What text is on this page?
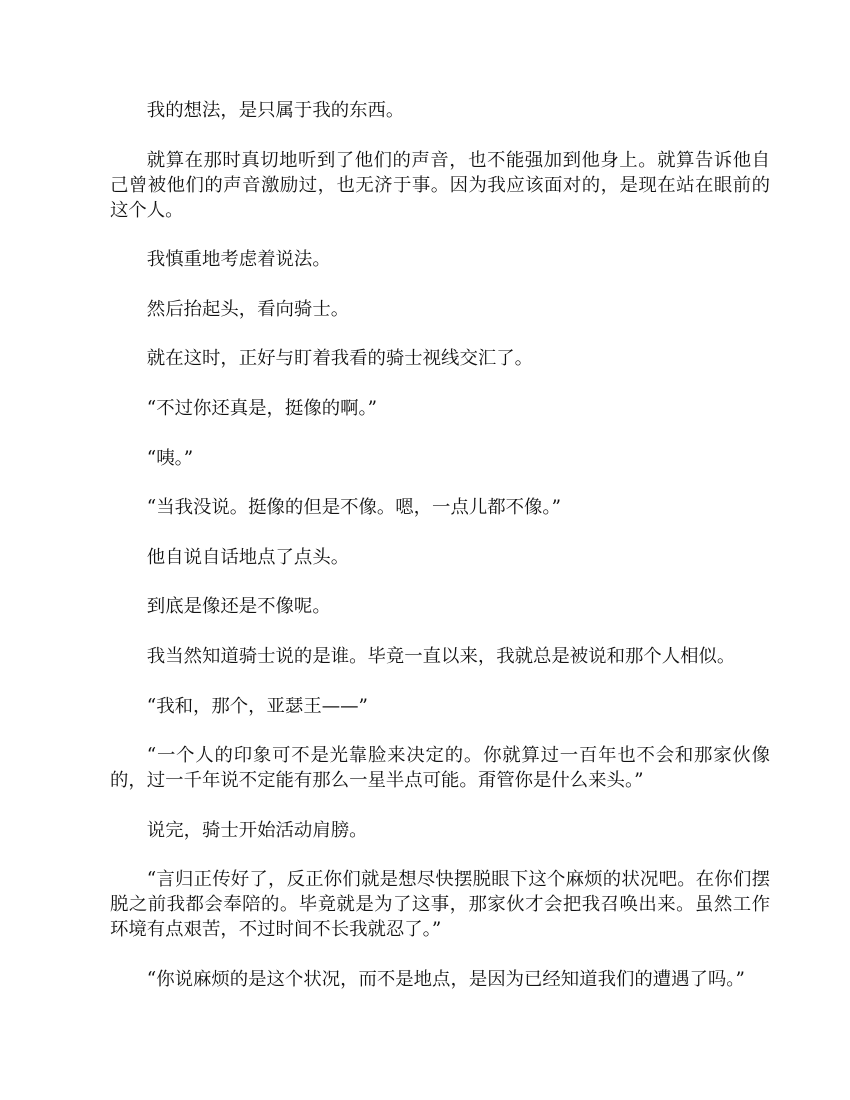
我的想法，是只属于我的东西。

就算在那时真切地听到了他们的声音，也不能强加到他身上。就算告诉他自己曾被他们的声音激励过，也无济于事。因为我应该面对的，是现在站在眼前的这个人。

我慎重地考虑着说法。

然后抬起头，看向骑士。

就在这时，正好与盯着我看的骑士视线交汇了。

“不过你还真是，挺像的啊。”

“咦。”

“当我没说。挺像的但是不像。嗯，一点儿都不像。”

他自说自话地点了点头。

到底是像还是不像呢。

我当然知道骑士说的是谁。毕竟一直以来，我就总是被说和那个人相似。

“我和，那个，亚瑟王——”

“一个人的印象可不是光靠脸来决定的。你就算过一百年也不会和那家伙像的，过一千年说不定能有那么一星半点可能。甭管你是什么来头。”

说完，骑士开始活动肩膀。

“言归正传好了，反正你们就是想尽快摆脱眼下这个麻烦的状况吧。在你们摆脱之前我都会奉陪的。毕竟就是为了这事，那家伙才会把我召唤出来。虽然工作环境有点艰苦，不过时间不长我就忍了。”

“你说麻烦的是这个状况，而不是地点，是因为已经知道我们的遭遇了吗。”
